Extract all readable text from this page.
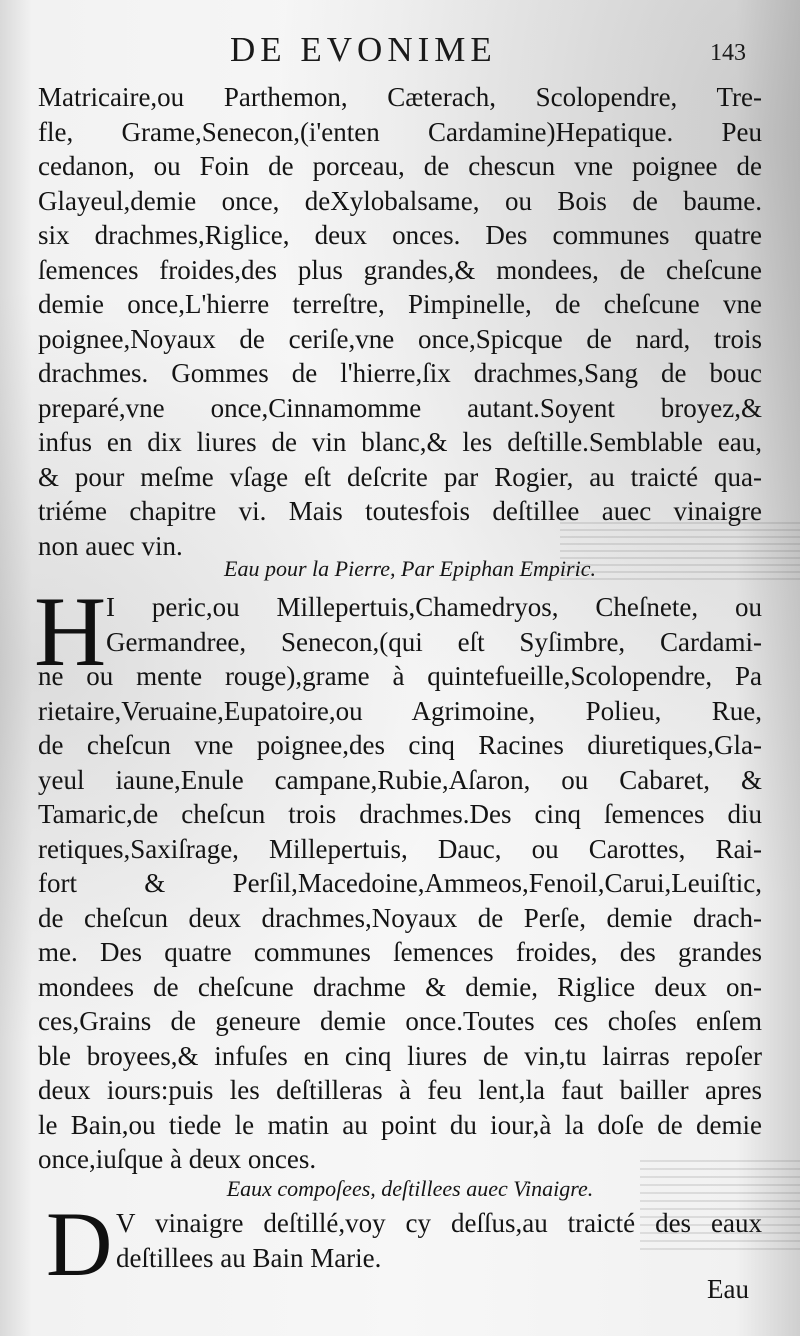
DE EVONIME	143
Matricaire,ou Parthemon, Cæterach, Scolopendre, Tre-
fle, Grame,Senecon,(i'enten Cardamine)Hepatique. Peu
cedanon, ou Foin de porceau, de chescun vne poignee de
Glayeul,demie once, deXylobalsame, ou Bois de baume.
six drachmes,Riglice, deux onces. Des communes quatre
ſemences froides,des plus grandes,& mondees, de cheſcune
demie once,L'hierre terreſtre, Pimpinelle, de cheſcune vne
poignee,Noyaux de ceriſe,vne once,Spicque de nard, trois
drachmes. Gommes de l'hierre,ſix drachmes,Sang de bouc
preparé,vne once,Cinnamomme autant.Soyent broyez,&
infus en dix liures de vin blanc,& les deſtille.Semblable eau,
& pour meſme vſage eſt deſcrite par Rogier, au traicté qua-
triéme chapitre vi. Mais toutesfois deſtillee auec vinaigre
non auec vin.
Eau pour la Pierre, Par Epiphan Empiric.
H I peric,ou Millepertuis,Chamedryos, Cheſnete, ou
Germandree, Senecon,(qui eſt Syſimbre, Cardami-
ne ou mente rouge),grame à quintefueille,Scolopendre, Pa
rietaire,Veruaine,Eupatoire,ou Agrimoine, Polieu, Rue,
de cheſcun vne poignee,des cinq Racines diuretiques,Gla-
yeul iaune,Enule campane,Rubie,Aſaron, ou Cabaret, &
Tamaric,de cheſcun trois drachmes.Des cinq ſemences diu
retiques,Saxiſrage, Millepertuis, Dauc, ou Carottes, Rai-
fort & Perſil,Macedoine,Ammeos,Fenoil,Carui,Leuiſtic,
de cheſcun deux drachmes,Noyaux de Perſe, demie drach-
me. Des quatre communes ſemences froides, des grandes
mondees de cheſcune drachme & demie, Riglice deux on-
ces,Grains de geneure demie once.Toutes ces choſes enſem
ble broyees,& infuſes en cinq liures de vin,tu lairras repoſer
deux iours:puis les deſtilleras à feu lent,la faut bailler apres
le Bain,ou tiede le matin au point du iour,à la doſe de demie
once,iuſque à deux onces.
Eaux compoſees, deſtillees auec Vinaigre.
D V vinaigre deſtillé,voy cy deſſus,au traicté des eaux
deſtillees au Bain Marie.
Eau
